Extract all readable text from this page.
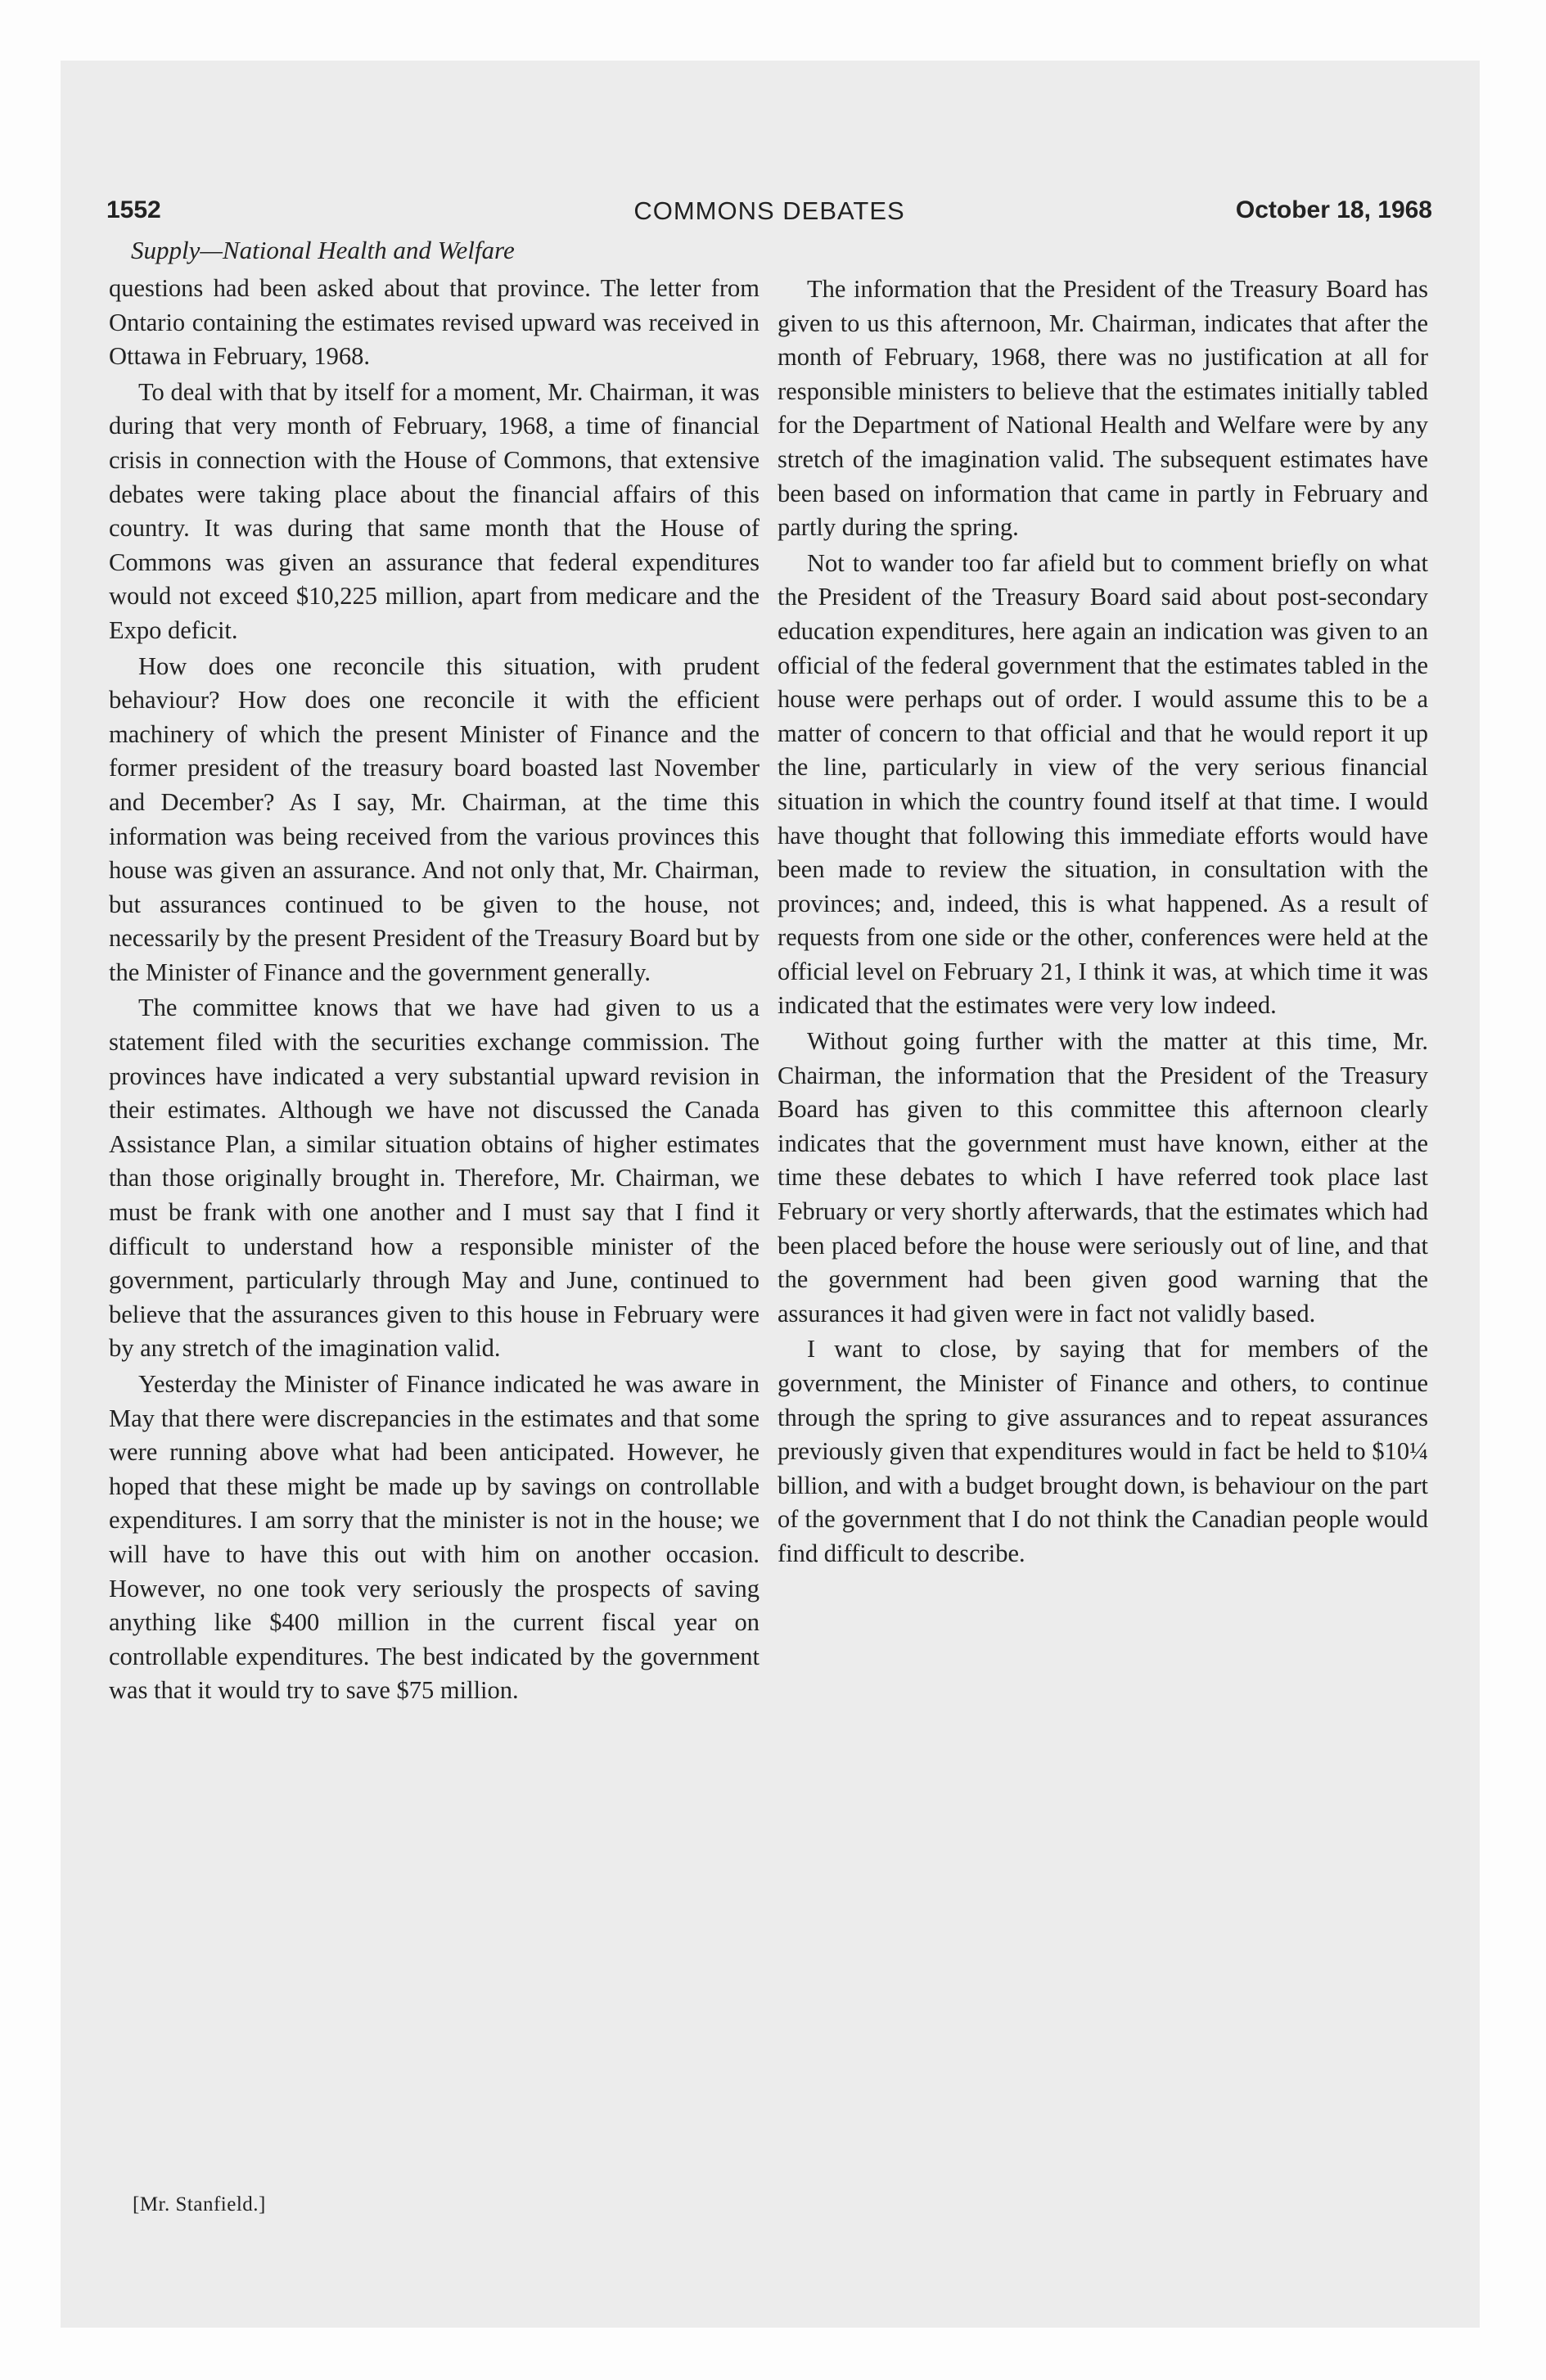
1552	COMMONS DEBATES	October 18, 1968
Supply—National Health and Welfare

questions had been asked about that province. The letter from Ontario containing the estimates revised upward was received in Ottawa in February, 1968.

To deal with that by itself for a moment, Mr. Chairman, it was during that very month of February, 1968, a time of financial crisis in connection with the House of Commons, that extensive debates were taking place about the financial affairs of this country. It was during that same month that the House of Commons was given an assurance that federal expenditures would not exceed $10,225 million, apart from medicare and the Expo deficit.

How does one reconcile this situation, with prudent behaviour? How does one reconcile it with the efficient machinery of which the present Minister of Finance and the former president of the treasury board boasted last November and December? As I say, Mr. Chairman, at the time this information was being received from the various provinces this house was given an assurance. And not only that, Mr. Chairman, but assurances continued to be given to the house, not necessarily by the present President of the Treasury Board but by the Minister of Finance and the government generally.

The committee knows that we have had given to us a statement filed with the securities exchange commission. The provinces have indicated a very substantial upward revision in their estimates. Although we have not discussed the Canada Assistance Plan, a similar situation obtains of higher estimates than those originally brought in. Therefore, Mr. Chairman, we must be frank with one another and I must say that I find it difficult to understand how a responsible minister of the government, particularly through May and June, continued to believe that the assurances given to this house in February were by any stretch of the imagination valid.

Yesterday the Minister of Finance indicated he was aware in May that there were discrepancies in the estimates and that some were running above what had been anticipated. However, he hoped that these might be made up by savings on controllable expenditures. I am sorry that the minister is not in the house; we will have to have this out with him on another occasion. However, no one took very seriously the prospects of saving anything like $400 million in the current fiscal year on controllable expenditures. The best indicated by the government was that it would try to save $75 million.

[Mr. Stanfield.]

The information that the President of the Treasury Board has given to us this afternoon, Mr. Chairman, indicates that after the month of February, 1968, there was no justification at all for responsible ministers to believe that the estimates initially tabled for the Department of National Health and Welfare were by any stretch of the imagination valid. The subsequent estimates have been based on information that came in partly in February and partly during the spring.

Not to wander too far afield but to comment briefly on what the President of the Treasury Board said about post-secondary education expenditures, here again an indication was given to an official of the federal government that the estimates tabled in the house were perhaps out of order. I would assume this to be a matter of concern to that official and that he would report it up the line, particularly in view of the very serious financial situation in which the country found itself at that time. I would have thought that following this immediate efforts would have been made to review the situation, in consultation with the provinces; and, indeed, this is what happened. As a result of requests from one side or the other, conferences were held at the official level on February 21, I think it was, at which time it was indicated that the estimates were very low indeed.

Without going further with the matter at this time, Mr. Chairman, the information that the President of the Treasury Board has given to this committee this afternoon clearly indicates that the government must have known, either at the time these debates to which I have referred took place last February or very shortly afterwards, that the estimates which had been placed before the house were seriously out of line, and that the government had been given good warning that the assurances it had given were in fact not validly based.

I want to close, by saying that for members of the government, the Minister of Finance and others, to continue through the spring to give assurances and to repeat assurances previously given that expenditures would in fact be held to $10¼ billion, and with a budget brought down, is behaviour on the part of the government that I do not think the Canadian people would find difficult to describe.
